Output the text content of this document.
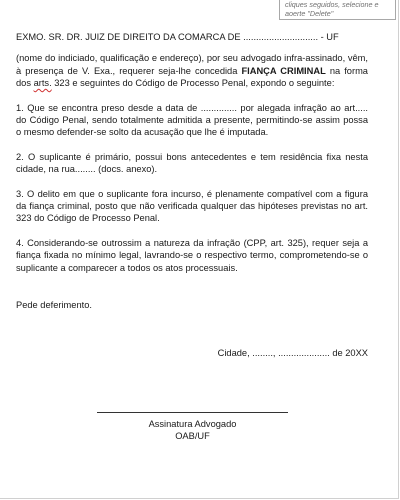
cliques seguidos, selecione e
aoerte "Delete"

EXMO. SR. DR. JUIZ DE DIREITO DA COMARCA DE ............................. - UF

(nome do indiciado, qualificação e endereço), por seu advogado infra-assinado, vêm, à presença de V. Exa., requerer seja-lhe concedida FIANÇA CRIMINAL na forma dos arts. 323 e seguintes do Código de Processo Penal, expondo o seguinte:

1. Que se encontra preso desde a data de .............. por alegada infração ao art..... do Código Penal, sendo totalmente admitida a presente, permitindo-se assim possa o mesmo defender-se solto da acusação que lhe é imputada.

2. O suplicante é primário, possui bons antecedentes e tem residência fixa nesta cidade, na rua........ (docs. anexo).

3. O delito em que o suplicante fora incurso, é plenamente compatível com a figura da fiança criminal, posto que não verificada qualquer das hipóteses previstas no art. 323 do Código de Processo Penal.

4. Considerando-se outrossim a natureza da infração (CPP, art. 325), requer seja a fiança fixada no mínimo legal, lavrando-se o respectivo termo, comprometendo-se o suplicante a comparecer a todos os atos processuais.

Pede deferimento.
Cidade, ........, .................... de 20XX
Assinatura Advogado
OAB/UF
